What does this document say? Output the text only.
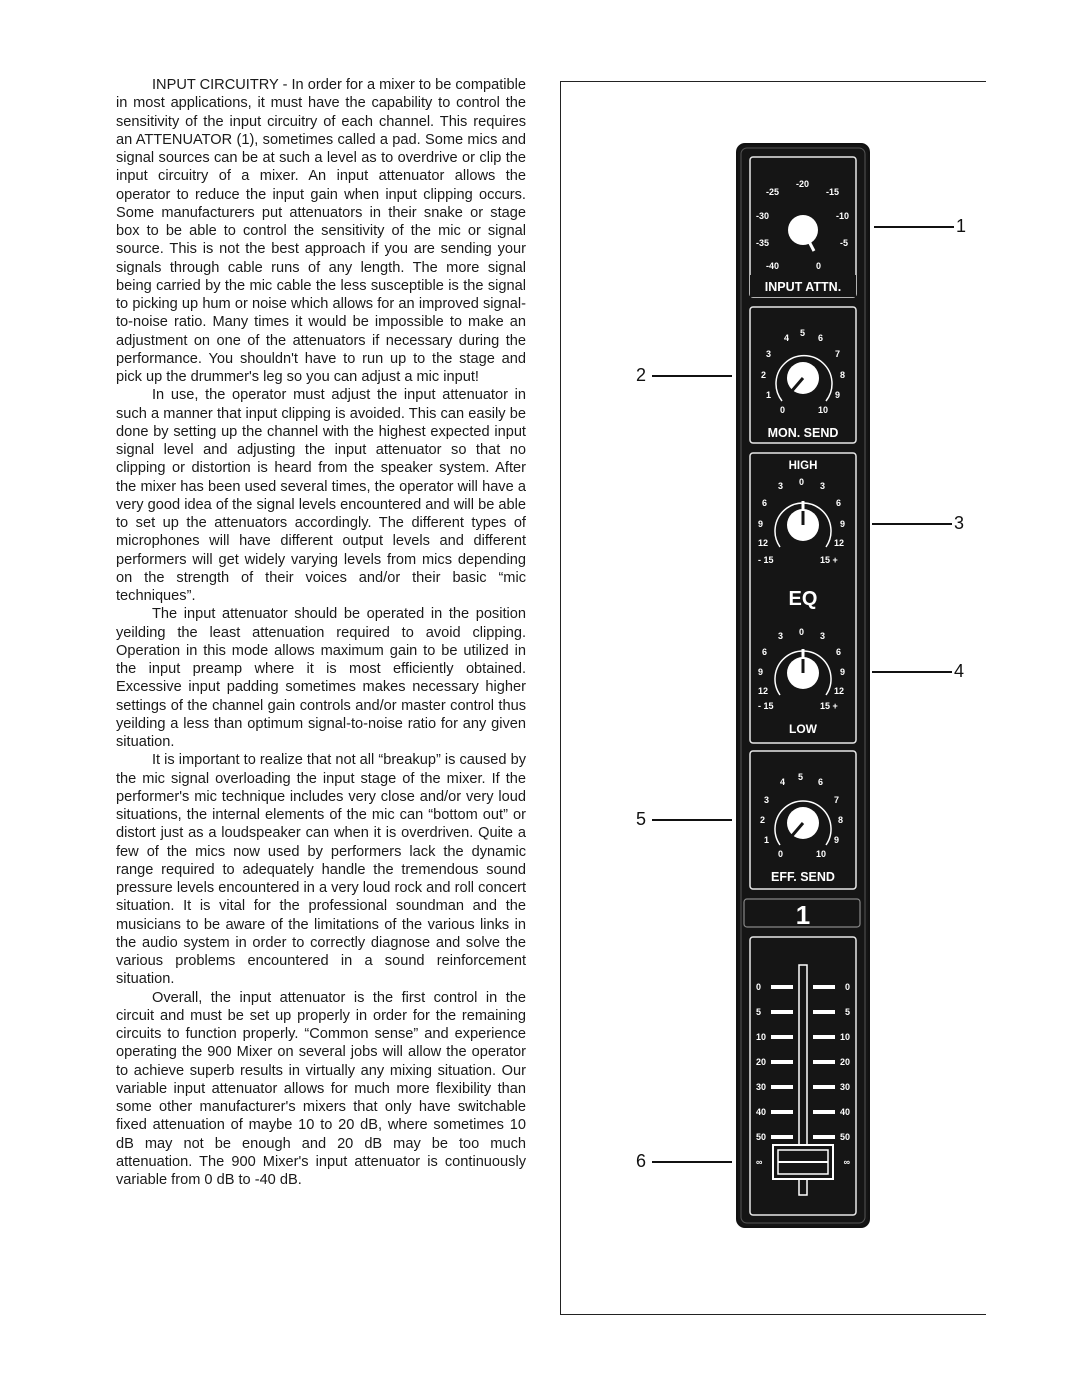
INPUT CIRCUITRY - In order for a mixer to be compatible in most applications, it must have the capability to control the sensitivity of the input circuitry of each channel. This requires an ATTENUATOR (1), sometimes called a pad. Some mics and signal sources can be at such a level as to overdrive or clip the input circuitry of a mixer. An input attenuator allows the operator to reduce the input gain when input clipping occurs. Some manufacturers put attenuators in their snake or stage box to be able to control the sensitivity of the mic or signal source. This is not the best approach if you are sending your signals through cable runs of any length. The more signal being carried by the mic cable the less susceptible is the signal to picking up hum or noise which allows for an improved signal-to-noise ratio. Many times it would be impossible to make an adjustment on one of the attenuators if necessary during the performance. You shouldn't have to run up to the stage and pick up the drummer's leg so you can adjust a mic input!

In use, the operator must adjust the input attenuator in such a manner that input clipping is avoided. This can easily be done by setting up the channel with the highest expected input signal level and adjusting the input attenuator so that no clipping or distortion is heard from the speaker system. After the mixer has been used several times, the operator will have a very good idea of the signal levels encountered and will be able to set up the attenuators accordingly. The different types of microphones will have different output levels and different performers will get widely varying levels from mics depending on the strength of their voices and/or their basic “mic techniques”.

The input attenuator should be operated in the position yeilding the least attenuation required to avoid clipping. Operation in this mode allows maximum gain to be utilized in the input preamp where it is most efficiently obtained. Excessive input padding sometimes makes necessary higher settings of the channel gain controls and/or master control thus yeilding a less than optimum signal-to-noise ratio for any given situation.

It is important to realize that not all “breakup” is caused by the mic signal overloading the input stage of the mixer. If the performer's mic technique includes very close and/or very loud situations, the internal elements of the mic can “bottom out” or distort just as a loudspeaker can when it is overdriven. Quite a few of the mics now used by performers lack the dynamic range required to adequately handle the tremendous sound pressure levels encountered in a very loud rock and roll concert situation. It is vital for the professional soundman and the musicians to be aware of the limitations of the various links in the audio system in order to correctly diagnose and solve the various problems encountered in a sound reinforcement situation.

Overall, the input attenuator is the first control in the circuit and must be set up properly in order for the remaining circuits to function properly. “Common sense” and experience operating the 900 Mixer on several jobs will allow the operator to achieve superb results in virtually any mixing situation. Our variable input attenuator allows for much more flexibility than some other manufacturer's mixers that only have switchable fixed attenuation of maybe 10 to 20 dB, where sometimes 10 dB may not be enough and 20 dB may be too much attenuation. The 900 Mixer's input attenuator is continuously variable from 0 dB to -40 dB.

1
2
3
4
5
6
-25
-20
-15
-30	-10
-35	-5
-40	0
INPUT ATTN.
4 5 6
3	7
2	8
1	9
0	10
MON. SEND
HIGH
3 0 3
6	6
9	9
12	12
- 15	15 +
EQ
3 0 3
6	6
9	9
12	12
- 15	15 +
LOW
4 5 6
3	7
2	8
1	9
0	10
EFF. SEND
1
0	0
5	5
10	10
20	20
30	30
40	40
50	50
∞	∞
